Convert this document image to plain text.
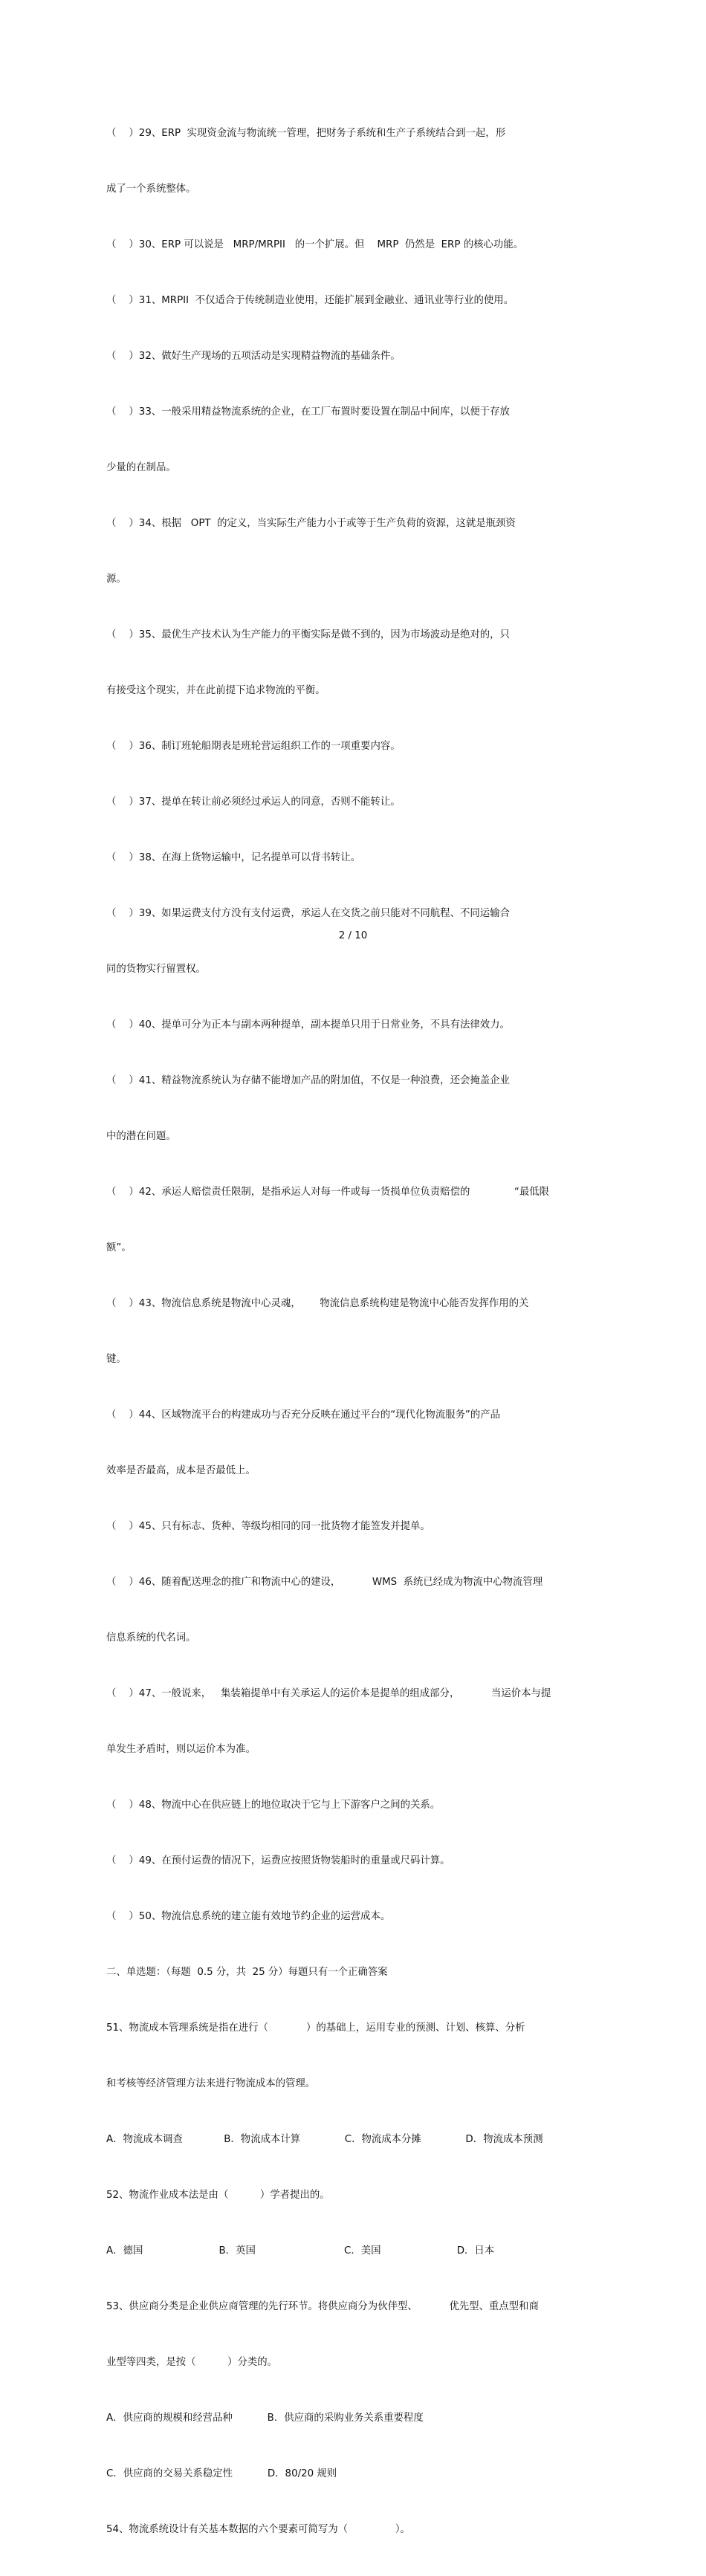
（    ）29、ERP  实现资金流与物流统一管理，把财务子系统和生产子系统结合到一起，形

成了一个系统整体。

（    ）30、ERP 可以说是   MRP/MRPII   的一个扩展。但    MRP  仍然是  ERP 的核心功能。

（    ）31、MRPII  不仅适合于传统制造业使用，还能扩展到金融业、通讯业等行业的使用。

（    ）32、做好生产现场的五项活动是实现精益物流的基础条件。

（    ）33、一般采用精益物流系统的企业，在工厂布置时要设置在制品中间库，以便于存放

少量的在制品。

（    ）34、根据   OPT  的定义，当实际生产能力小于或等于生产负荷的资源，这就是瓶颈资

源。

（    ）35、最优生产技术认为生产能力的平衡实际是做不到的，因为市场波动是绝对的，只

有接受这个现实，并在此前提下追求物流的平衡。

（    ）36、制订班轮船期表是班轮营运组织工作的一项重要内容。

（    ）37、提单在转让前必须经过承运人的同意，否则不能转让。

（    ）38、在海上货物运输中，记名提单可以背书转让。

（    ）39、如果运费支付方没有支付运费，承运人在交货之前只能对不同航程、不同运输合

同的货物实行留置权。

（    ）40、提单可分为正本与副本两种提单，副本提单只用于日常业务，不具有法律效力。

（    ）41、精益物流系统认为存储不能增加产品的附加值，不仅是一种浪费，还会掩盖企业

中的潜在问题。

（    ）42、承运人赔偿责任限制，是指承运人对每一件或每一货损单位负责赔偿的              “最低限

额”。

（    ）43、物流信息系统是物流中心灵魂，      物流信息系统构建是物流中心能否发挥作用的关

键。

（    ）44、区域物流平台的构建成功与否充分反映在通过平台的“现代化物流服务”的产品

效率是否最高，成本是否最低上。

（    ）45、只有标志、货种、等级均相同的同一批货物才能签发并提单。

（    ）46、随着配送理念的推广和物流中心的建设，          WMS  系统已经成为物流中心物流管理

信息系统的代名词。

（    ）47、一般说来，   集装箱提单中有关承运人的运价本是提单的组成部分，          当运价本与提

单发生矛盾时，则以运价本为准。

（    ）48、物流中心在供应链上的地位取决于它与上下游客户之间的关系。

（    ）49、在预付运费的情况下，运费应按照货物装船时的重量或尺码计算。

（    ）50、物流信息系统的建立能有效地节约企业的运营成本。

二、单选题：（每题  0.5 分，共  25 分）每题只有一个正确答案

51、物流成本管理系统是指在进行（            ）的基础上，运用专业的预测、计划、核算、分析

和考核等经济管理方法来进行物流成本的管理。

A．物流成本调查             B．物流成本计算              C．物流成本分摊              D．物流成本预测

52、物流作业成本法是由（          ）学者提出的。

A．德国                        B．英国                            C．美国                        D．日本

53、供应商分类是企业供应商管理的先行环节。将供应商分为伙伴型、          优先型、重点型和商

业型等四类，是按（          ）分类的。

A．供应商的规模和经营品种           B．供应商的采购业务关系重要程度

C．供应商的交易关系稳定性           D．80/20 规则

54、物流系统设计有关基本数据的六个要素可简写为（               ）。

2 / 10
